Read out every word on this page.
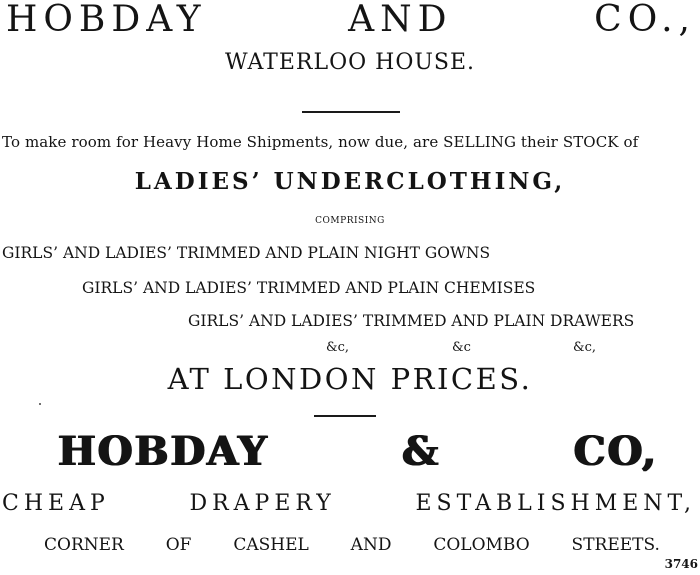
HOBDAY	AND	CO.,
WATERLOO HOUSE.
To make room for Heavy Home Shipments, now due, are SELLING their STOCK of
LADIES’ UNDERCLOTHING,
COMPRISING
GIRLS’ AND LADIES’ TRIMMED AND PLAIN NIGHT GOWNS
GIRLS’ AND LADIES’ TRIMMED AND PLAIN CHEMISES
GIRLS’ AND LADIES’ TRIMMED AND PLAIN DRAWERS
&c,	&c	&c,
AT LONDON PRICES.
HOBDAY	&	CO,
CHEAP	DRAPERY	ESTABLISHMENT,
CORNER OF CASHEL AND COLOMBO STREETS.
3746
